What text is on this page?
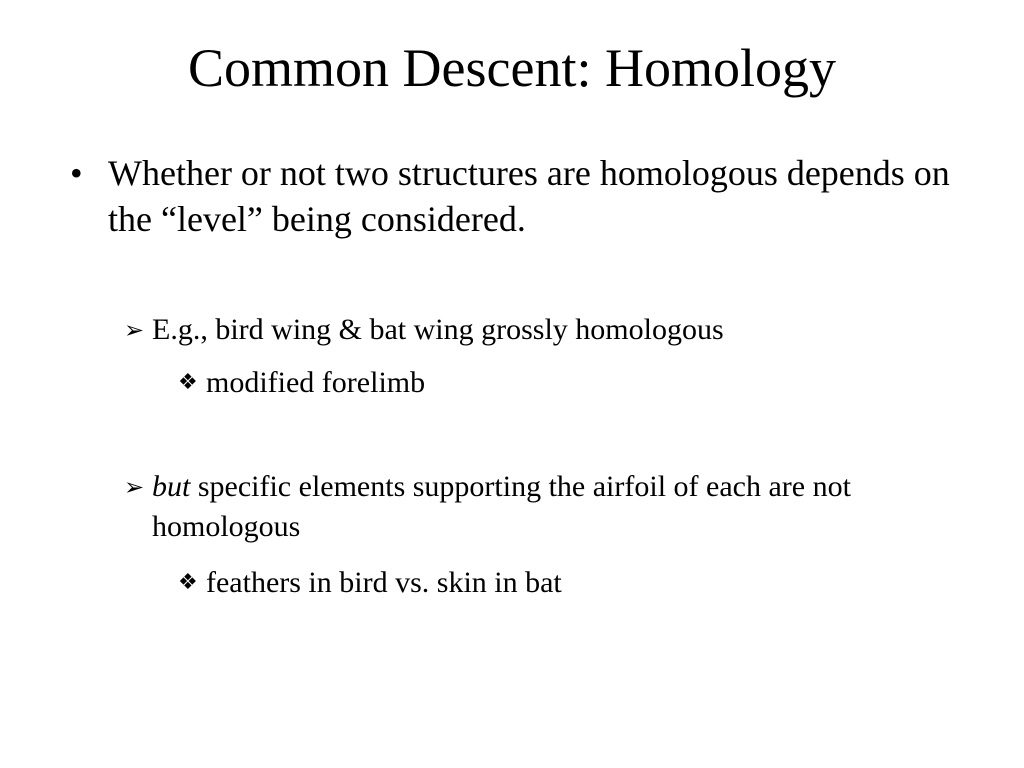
Common Descent: Homology
• Whether or not two structures are homologous depends on the “level” being considered.
➢ E.g., bird wing & bat wing grossly homologous
❖ modified forelimb
➢ but specific elements supporting the airfoil of each are not homologous
❖ feathers in bird vs. skin in bat
